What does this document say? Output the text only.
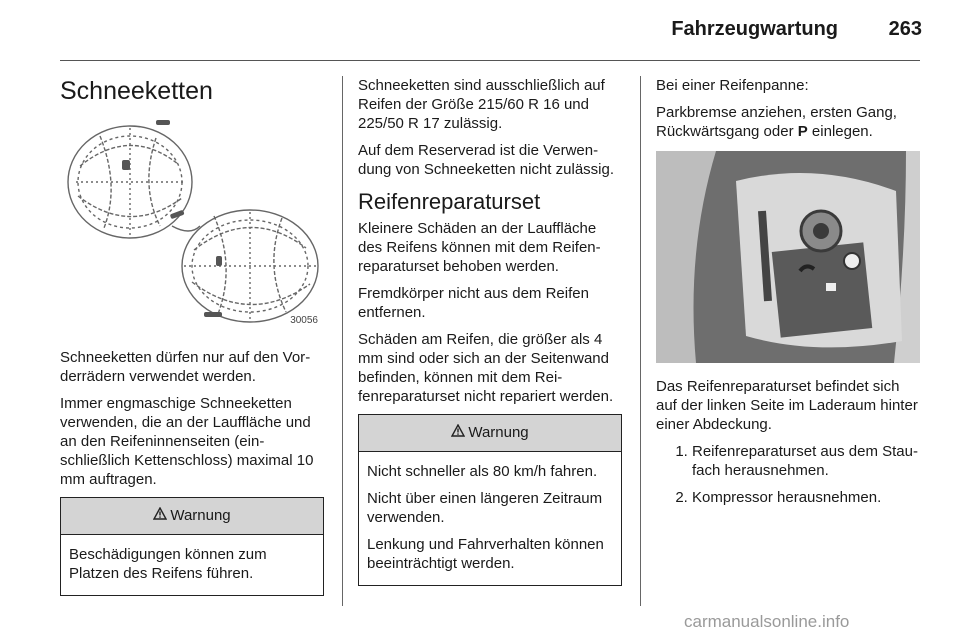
Fahrzeugwartung	263
Schneeketten
30056

Schneeketten dürfen nur auf den Vorderrädern verwendet werden.

Immer engmaschige Schneeketten verwenden, die an der Lauffläche und an den Reifeninnenseiten (einschließlich Kettenschloss) maximal 10 mm auftragen.

Warnung

Beschädigungen können zum Platzen des Reifens führen.

Schneeketten sind ausschließlich auf Reifen der Größe 215/60 R 16 und 225/50 R 17 zulässig.

Auf dem Reserverad ist die Verwendung von Schneeketten nicht zulässig.

Reifenreparaturset

Kleinere Schäden an der Lauffläche des Reifens können mit dem Reifenreparaturset behoben werden.

Fremdkörper nicht aus dem Reifen entfernen.

Schäden am Reifen, die größer als 4 mm sind oder sich an der Seitenwand befinden, können mit dem Reifenreparaturset nicht repariert werden.

Warnung

Nicht schneller als 80 km/h fahren.

Nicht über einen längeren Zeitraum verwenden.

Lenkung und Fahrverhalten können beeinträchtigt werden.

Bei einer Reifenpanne:

Parkbremse anziehen, ersten Gang, Rückwärtsgang oder P einlegen.

Das Reifenreparaturset befindet sich auf der linken Seite im Laderaum hinter einer Abdeckung.

1. Reifenreparaturset aus dem Staufach herausnehmen.
2. Kompressor herausnehmen.
carmanualsonline.info
